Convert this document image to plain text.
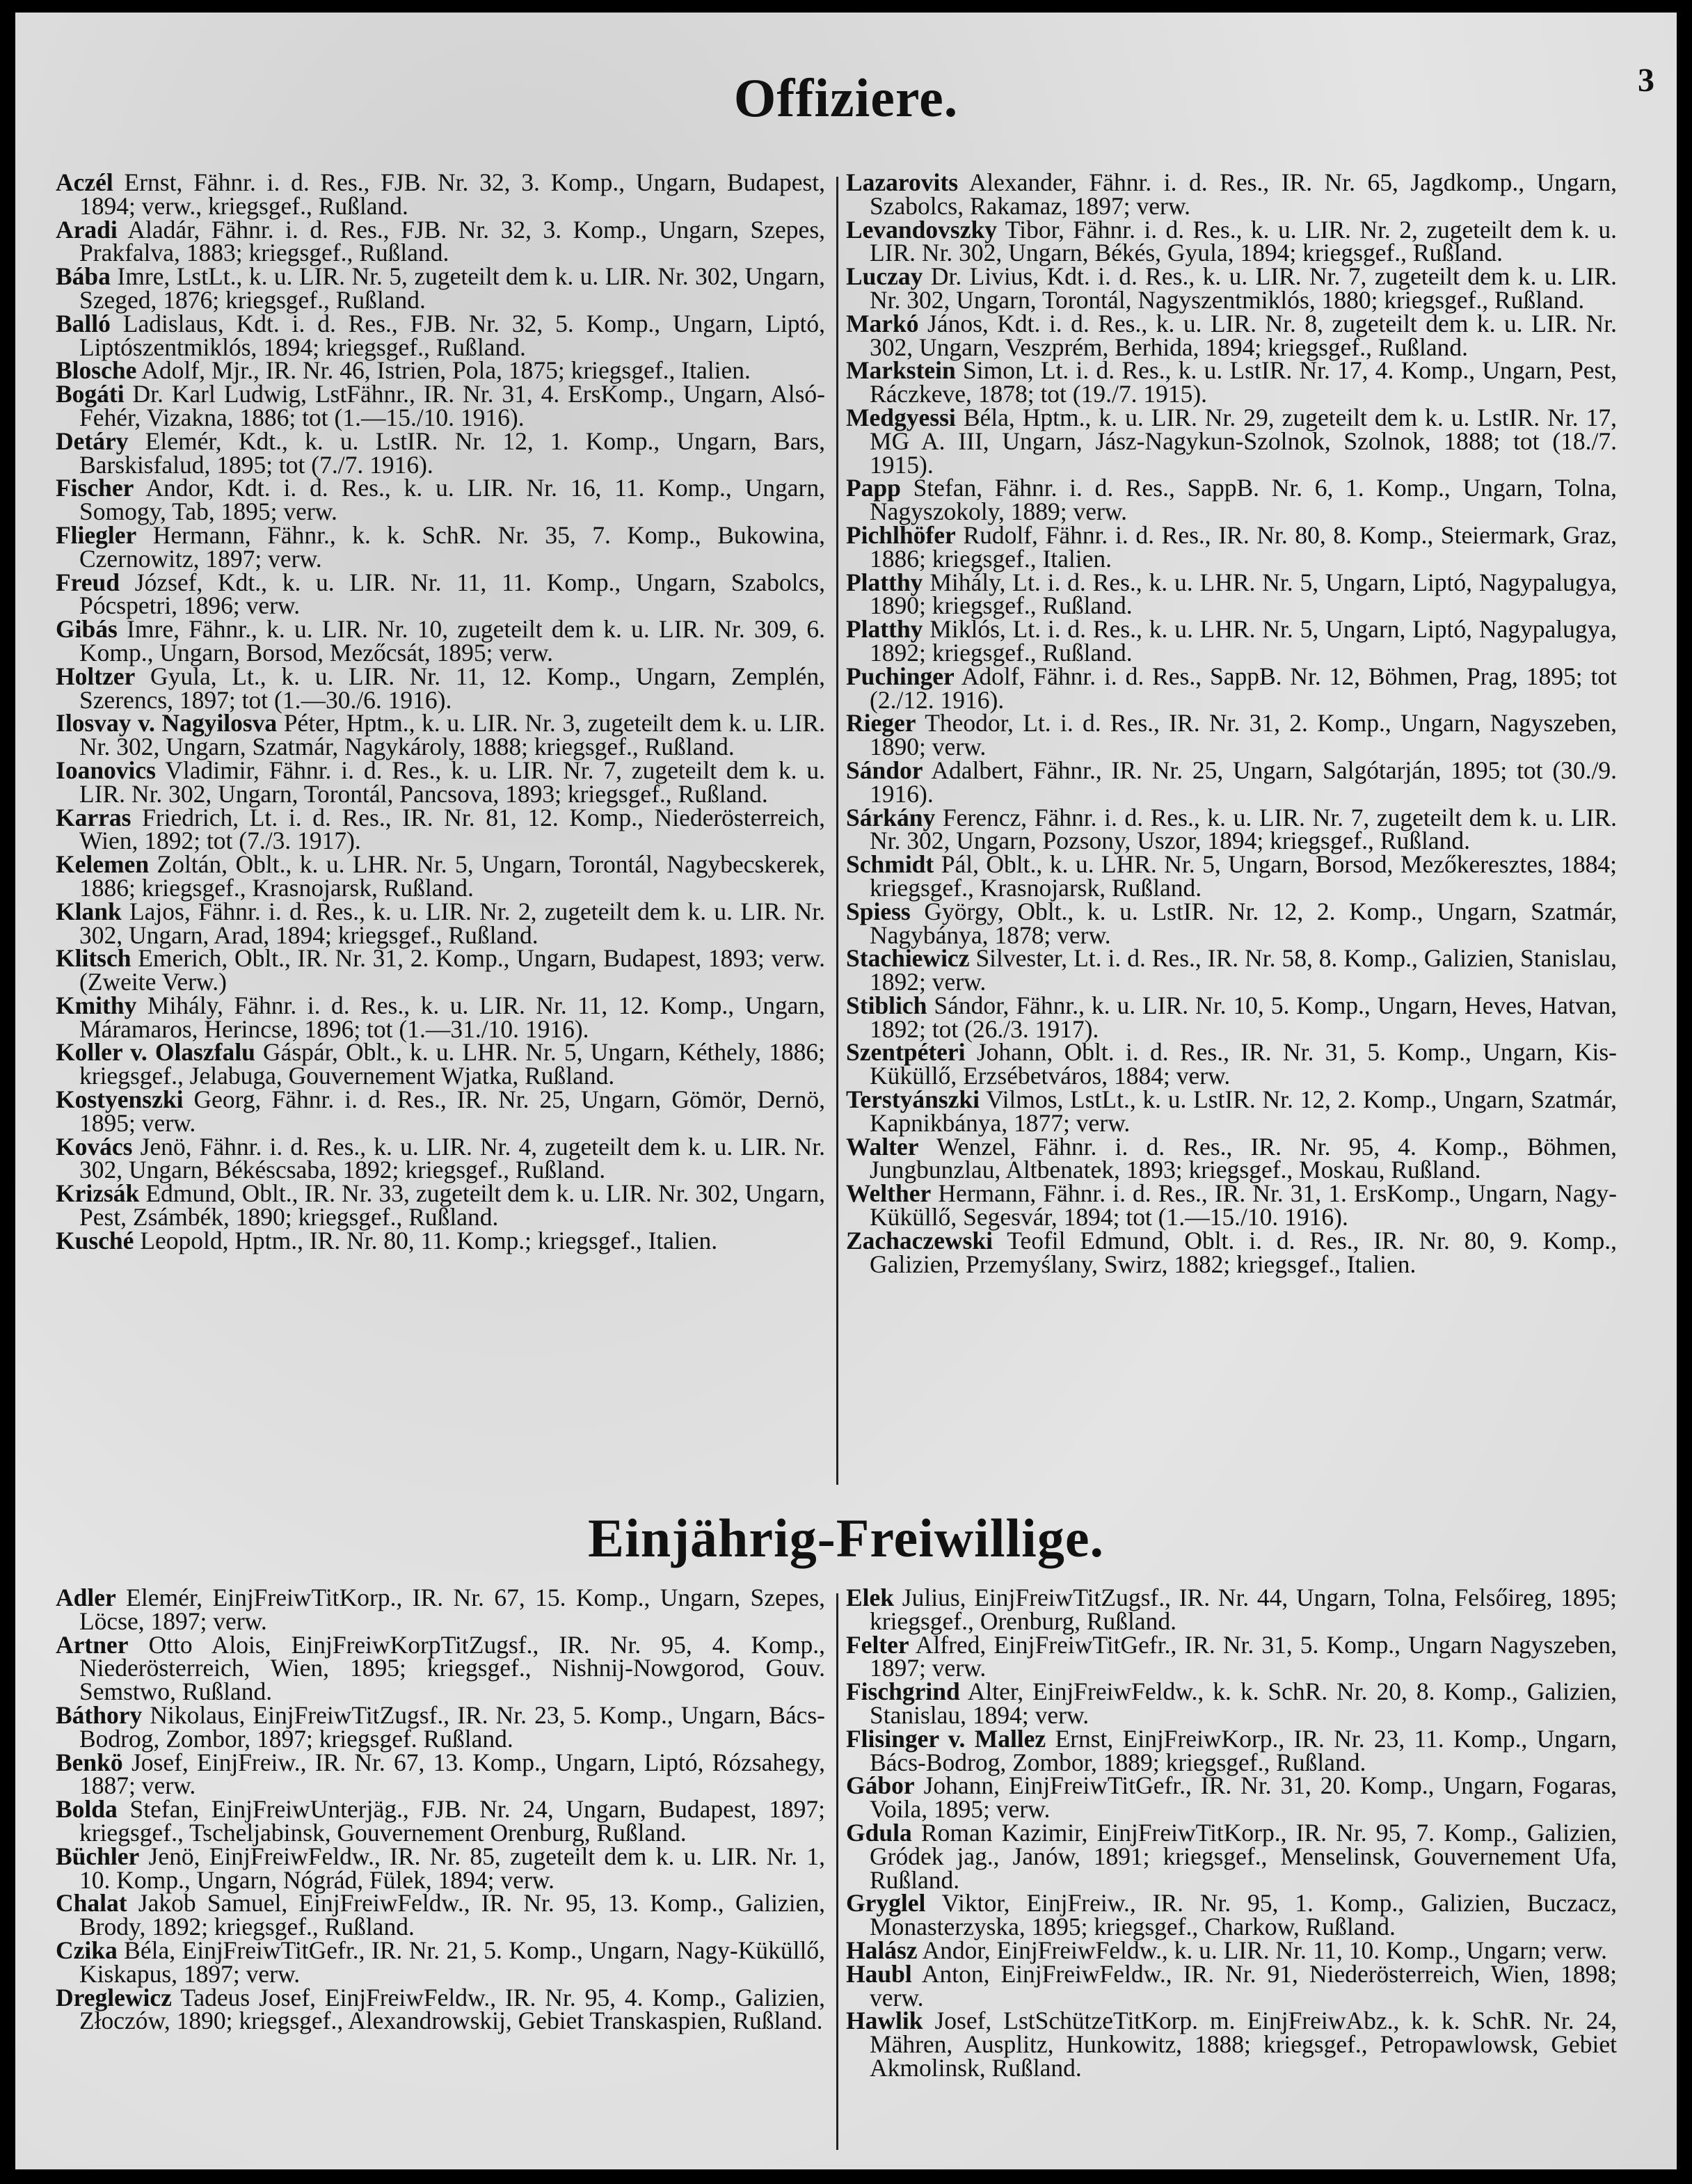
3
Offiziere.

Aczél Ernst, Fähnr. i. d. Res., FJB. Nr. 32, 3. Komp., Ungarn, Budapest, 1894; verw., kriegsgef., Rußland.

Aradi Aladár, Fähnr. i. d. Res., FJB. Nr. 32, 3. Komp., Ungarn, Szepes, Prakfalva, 1883; kriegsgef., Rußland.

Bába Imre, LstLt., k. u. LIR. Nr. 5, zugeteilt dem k. u. LIR. Nr. 302, Ungarn, Szeged, 1876; kriegsgef., Rußland.

Balló Ladislaus, Kdt. i. d. Res., FJB. Nr. 32, 5. Komp., Ungarn, Liptó, Liptószentmiklós, 1894; kriegsgef., Rußland.

Blosche Adolf, Mjr., IR. Nr. 46, Istrien, Pola, 1875; kriegsgef., Italien.

Bogáti Dr. Karl Ludwig, LstFähnr., IR. Nr. 31, 4. ErsKomp., Ungarn, Alsó-Fehér, Vizakna, 1886; tot (1.—15./10. 1916).

Detáry Elemér, Kdt., k. u. LstIR. Nr. 12, 1. Komp., Ungarn, Bars, Barskisfalud, 1895; tot (7./7. 1916).

Fischer Andor, Kdt. i. d. Res., k. u. LIR. Nr. 16, 11. Komp., Ungarn, Somogy, Tab, 1895; verw.

Fliegler Hermann, Fähnr., k. k. SchR. Nr. 35, 7. Komp., Bukowina, Czernowitz, 1897; verw.

Freud József, Kdt., k. u. LIR. Nr. 11, 11. Komp., Ungarn, Szabolcs, Pócspetri, 1896; verw.

Gibás Imre, Fähnr., k. u. LIR. Nr. 10, zugeteilt dem k. u. LIR. Nr. 309, 6. Komp., Ungarn, Borsod, Mezőcsát, 1895; verw.

Holtzer Gyula, Lt., k. u. LIR. Nr. 11, 12. Komp., Ungarn, Zemplén, Szerencs, 1897; tot (1.—30./6. 1916).

Ilosvay v. Nagyilosva Péter, Hptm., k. u. LIR. Nr. 3, zugeteilt dem k. u. LIR. Nr. 302, Ungarn, Szatmár, Nagykároly, 1888; kriegsgef., Rußland.

Ioanovics Vladimir, Fähnr. i. d. Res., k. u. LIR. Nr. 7, zugeteilt dem k. u. LIR. Nr. 302, Ungarn, Torontál, Pancsova, 1893; kriegsgef., Rußland.

Karras Friedrich, Lt. i. d. Res., IR. Nr. 81, 12. Komp., Niederösterreich, Wien, 1892; tot (7./3. 1917).

Kelemen Zoltán, Oblt., k. u. LHR. Nr. 5, Ungarn, Torontál, Nagybecskerek, 1886; kriegsgef., Krasnojarsk, Rußland.

Klank Lajos, Fähnr. i. d. Res., k. u. LIR. Nr. 2, zugeteilt dem k. u. LIR. Nr. 302, Ungarn, Arad, 1894; kriegsgef., Rußland.

Klitsch Emerich, Oblt., IR. Nr. 31, 2. Komp., Ungarn, Budapest, 1893; verw. (Zweite Verw.)

Kmithy Mihály, Fähnr. i. d. Res., k. u. LIR. Nr. 11, 12. Komp., Ungarn, Máramaros, Herincse, 1896; tot (1.—31./10. 1916).

Koller v. Olaszfalu Gáspár, Oblt., k. u. LHR. Nr. 5, Ungarn, Kéthely, 1886; kriegsgef., Jelabuga, Gouvernement Wjatka, Rußland.

Kostyenszki Georg, Fähnr. i. d. Res., IR. Nr. 25, Ungarn, Gömör, Dernö, 1895; verw.

Kovács Jenö, Fähnr. i. d. Res., k. u. LIR. Nr. 4, zugeteilt dem k. u. LIR. Nr. 302, Ungarn, Békéscsaba, 1892; kriegsgef., Rußland.

Krizsák Edmund, Oblt., IR. Nr. 33, zugeteilt dem k. u. LIR. Nr. 302, Ungarn, Pest, Zsámbék, 1890; kriegsgef., Rußland.

Kusché Leopold, Hptm., IR. Nr. 80, 11. Komp.; kriegsgef., Italien.

Lazarovits Alexander, Fähnr. i. d. Res., IR. Nr. 65, Jagdkomp., Ungarn, Szabolcs, Rakamaz, 1897; verw.

Levandovszky Tibor, Fähnr. i. d. Res., k. u. LIR. Nr. 2, zugeteilt dem k. u. LIR. Nr. 302, Ungarn, Békés, Gyula, 1894; kriegsgef., Rußland.

Luczay Dr. Livius, Kdt. i. d. Res., k. u. LIR. Nr. 7, zugeteilt dem k. u. LIR. Nr. 302, Ungarn, Torontál, Nagyszentmiklós, 1880; kriegsgef., Rußland.

Markó János, Kdt. i. d. Res., k. u. LIR. Nr. 8, zugeteilt dem k. u. LIR. Nr. 302, Ungarn, Veszprém, Berhida, 1894; kriegsgef., Rußland.

Markstein Simon, Lt. i. d. Res., k. u. LstIR. Nr. 17, 4. Komp., Ungarn, Pest, Ráczkeve, 1878; tot (19./7. 1915).

Medgyessi Béla, Hptm., k. u. LIR. Nr. 29, zugeteilt dem k. u. LstIR. Nr. 17, MG A. III, Ungarn, Jász-Nagykun-Szolnok, Szolnok, 1888; tot (18./7. 1915).

Papp Stefan, Fähnr. i. d. Res., SappB. Nr. 6, 1. Komp., Ungarn, Tolna, Nagyszokoly, 1889; verw.

Pichlhöfer Rudolf, Fähnr. i. d. Res., IR. Nr. 80, 8. Komp., Steiermark, Graz, 1886; kriegsgef., Italien.

Platthy Mihály, Lt. i. d. Res., k. u. LHR. Nr. 5, Ungarn, Liptó, Nagypalugya, 1890; kriegsgef., Rußland.

Platthy Miklós, Lt. i. d. Res., k. u. LHR. Nr. 5, Ungarn, Liptó, Nagypalugya, 1892; kriegsgef., Rußland.

Puchinger Adolf, Fähnr. i. d. Res., SappB. Nr. 12, Böhmen, Prag, 1895; tot (2./12. 1916).

Rieger Theodor, Lt. i. d. Res., IR. Nr. 31, 2. Komp., Ungarn, Nagyszeben, 1890; verw.

Sándor Adalbert, Fähnr., IR. Nr. 25, Ungarn, Salgótarján, 1895; tot (30./9. 1916).

Sárkány Ferencz, Fähnr. i. d. Res., k. u. LIR. Nr. 7, zugeteilt dem k. u. LIR. Nr. 302, Ungarn, Pozsony, Uszor, 1894; kriegsgef., Rußland.

Schmidt Pál, Oblt., k. u. LHR. Nr. 5, Ungarn, Borsod, Mezőkeresztes, 1884; kriegsgef., Krasnojarsk, Rußland.

Spiess György, Oblt., k. u. LstIR. Nr. 12, 2. Komp., Ungarn, Szatmár, Nagybánya, 1878; verw.

Stachiewicz Silvester, Lt. i. d. Res., IR. Nr. 58, 8. Komp., Galizien, Stanislau, 1892; verw.

Stiblich Sándor, Fähnr., k. u. LIR. Nr. 10, 5. Komp., Ungarn, Heves, Hatvan, 1892; tot (26./3. 1917).

Szentpéteri Johann, Oblt. i. d. Res., IR. Nr. 31, 5. Komp., Ungarn, Kis-Küküllő, Erzsébetváros, 1884; verw.

Terstyánszki Vilmos, LstLt., k. u. LstIR. Nr. 12, 2. Komp., Ungarn, Szatmár, Kapnikbánya, 1877; verw.

Walter Wenzel, Fähnr. i. d. Res., IR. Nr. 95, 4. Komp., Böhmen, Jungbunzlau, Altbenatek, 1893; kriegsgef., Moskau, Rußland.

Welther Hermann, Fähnr. i. d. Res., IR. Nr. 31, 1. ErsKomp., Ungarn, Nagy-Küküllő, Segesvár, 1894; tot (1.—15./10. 1916).

Zachaczewski Teofil Edmund, Oblt. i. d. Res., IR. Nr. 80, 9. Komp., Galizien, Przemyślany, Swirz, 1882; kriegsgef., Italien.

Einjährig-Freiwillige.

Adler Elemér, EinjFreiwTitKorp., IR. Nr. 67, 15. Komp., Ungarn, Szepes, Löcse, 1897; verw.

Artner Otto Alois, EinjFreiwKorpTitZugsf., IR. Nr. 95, 4. Komp., Niederösterreich, Wien, 1895; kriegsgef., Nishnij-Nowgorod, Gouv. Semstwo, Rußland.

Báthory Nikolaus, EinjFreiwTitZugsf., IR. Nr. 23, 5. Komp., Ungarn, Bács-Bodrog, Zombor, 1897; kriegsgef. Rußland.

Benkö Josef, EinjFreiw., IR. Nr. 67, 13. Komp., Ungarn, Liptó, Rózsahegy, 1887; verw.

Bolda Stefan, EinjFreiwUnterjäg., FJB. Nr. 24, Ungarn, Budapest, 1897; kriegsgef., Tscheljabinsk, Gouvernement Orenburg, Rußland.

Büchler Jenö, EinjFreiwFeldw., IR. Nr. 85, zugeteilt dem k. u. LIR. Nr. 1, 10. Komp., Ungarn, Nógrád, Fülek, 1894; verw.

Chalat Jakob Samuel, EinjFreiwFeldw., IR. Nr. 95, 13. Komp., Galizien, Brody, 1892; kriegsgef., Rußland.

Czika Béla, EinjFreiwTitGefr., IR. Nr. 21, 5. Komp., Ungarn, Nagy-Küküllő, Kiskapus, 1897; verw.

Dreglewicz Tadeus Josef, EinjFreiwFeldw., IR. Nr. 95, 4. Komp., Galizien, Złoczów, 1890; kriegsgef., Alexandrowskij, Gebiet Transkaspien, Rußland.

Elek Julius, EinjFreiwTitZugsf., IR. Nr. 44, Ungarn, Tolna, Felsőireg, 1895; kriegsgef., Orenburg, Rußland.

Felter Alfred, EinjFreiwTitGefr., IR. Nr. 31, 5. Komp., Ungarn Nagyszeben, 1897; verw.

Fischgrind Alter, EinjFreiwFeldw., k. k. SchR. Nr. 20, 8. Komp., Galizien, Stanislau, 1894; verw.

Flisinger v. Mallez Ernst, EinjFreiwKorp., IR. Nr. 23, 11. Komp., Ungarn, Bács-Bodrog, Zombor, 1889; kriegsgef., Rußland.

Gábor Johann, EinjFreiwTitGefr., IR. Nr. 31, 20. Komp., Ungarn, Fogaras, Voila, 1895; verw.

Gdula Roman Kazimir, EinjFreiwTitKorp., IR. Nr. 95, 7. Komp., Galizien, Gródek jag., Janów, 1891; kriegsgef., Menselinsk, Gouvernement Ufa, Rußland.

Gryglel Viktor, EinjFreiw., IR. Nr. 95, 1. Komp., Galizien, Buczacz, Monasterzyska, 1895; kriegsgef., Charkow, Rußland.

Halász Andor, EinjFreiwFeldw., k. u. LIR. Nr. 11, 10. Komp., Ungarn; verw.

Haubl Anton, EinjFreiwFeldw., IR. Nr. 91, Niederösterreich, Wien, 1898; verw.

Hawlik Josef, LstSchützeTitKorp. m. EinjFreiwAbz., k. k. SchR. Nr. 24, Mähren, Ausplitz, Hunkowitz, 1888; kriegsgef., Petropawlowsk, Gebiet Akmolinsk, Rußland.
